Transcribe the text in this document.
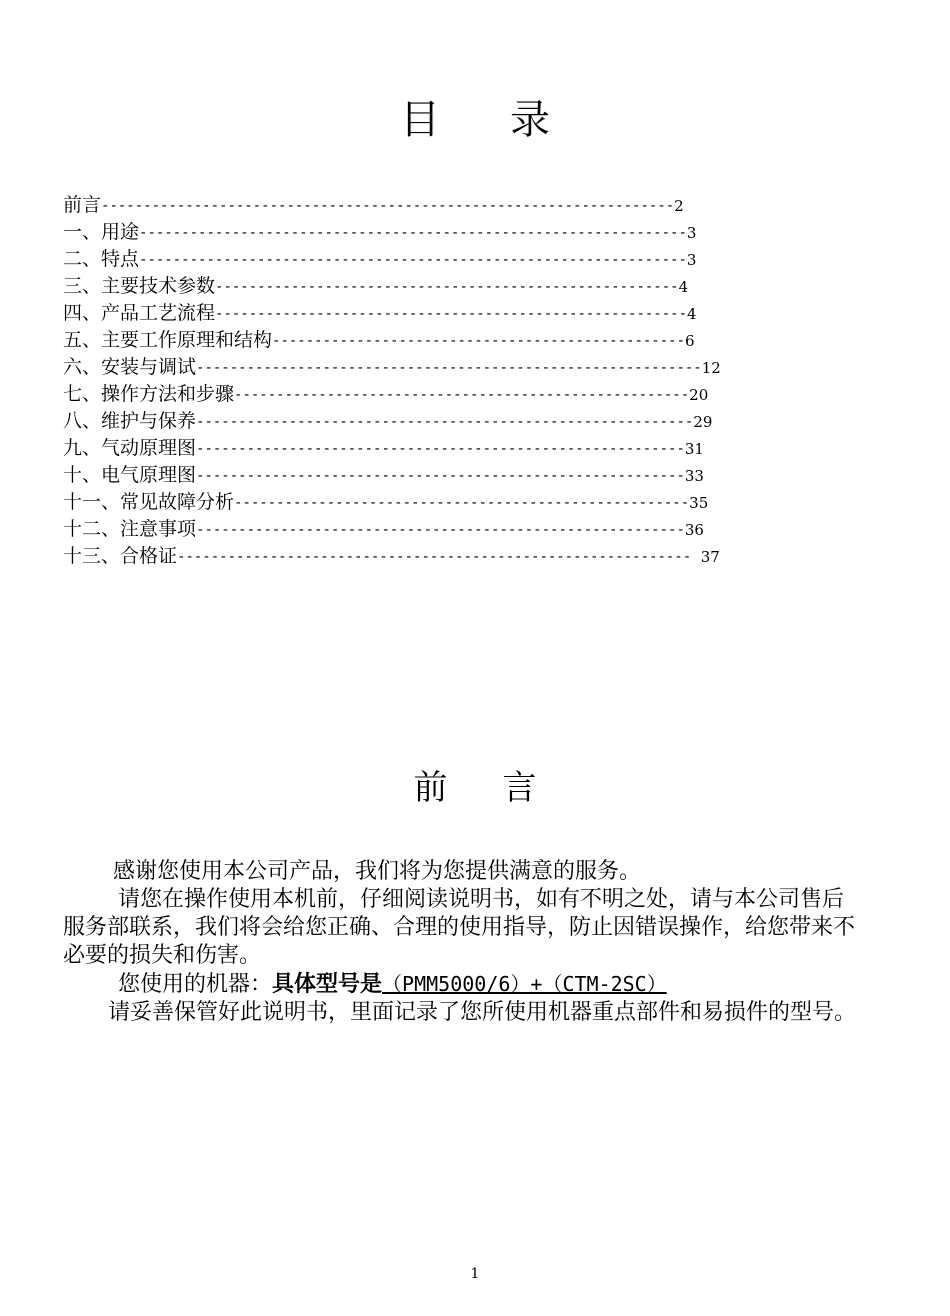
目 录
前言--------------------------------------------------------------------2
一、用途-----------------------------------------------------------------3
二、特点-----------------------------------------------------------------3
三、主要技术参数-------------------------------------------------------4
四、产品工艺流程--------------------------------------------------------4
五、主要工作原理和结构-------------------------------------------------6
六、安装与调试------------------------------------------------------------12
七、操作方法和步骤------------------------------------------------------20
八、维护与保养-----------------------------------------------------------29
九、气动原理图----------------------------------------------------------31
十、电气原理图----------------------------------------------------------33
十一、常见故障分析------------------------------------------------------35
十二、注意事项----------------------------------------------------------36
十三、合格证-------------------------------------------------------------  37
前 言

感谢您使用本公司产品，我们将为您提供满意的服务。

请您在操作使用本机前，仔细阅读说明书，如有不明之处，请与本公司售后服务部联系，我们将会给您正确、合理的使用指导，防止因错误操作，给您带来不必要的损失和伤害。

您使用的机器：具体型号是（PMM5000/6）+（CTM-2SC）

请妥善保管好此说明书，里面记录了您所使用机器重点部件和易损件的型号。

1
